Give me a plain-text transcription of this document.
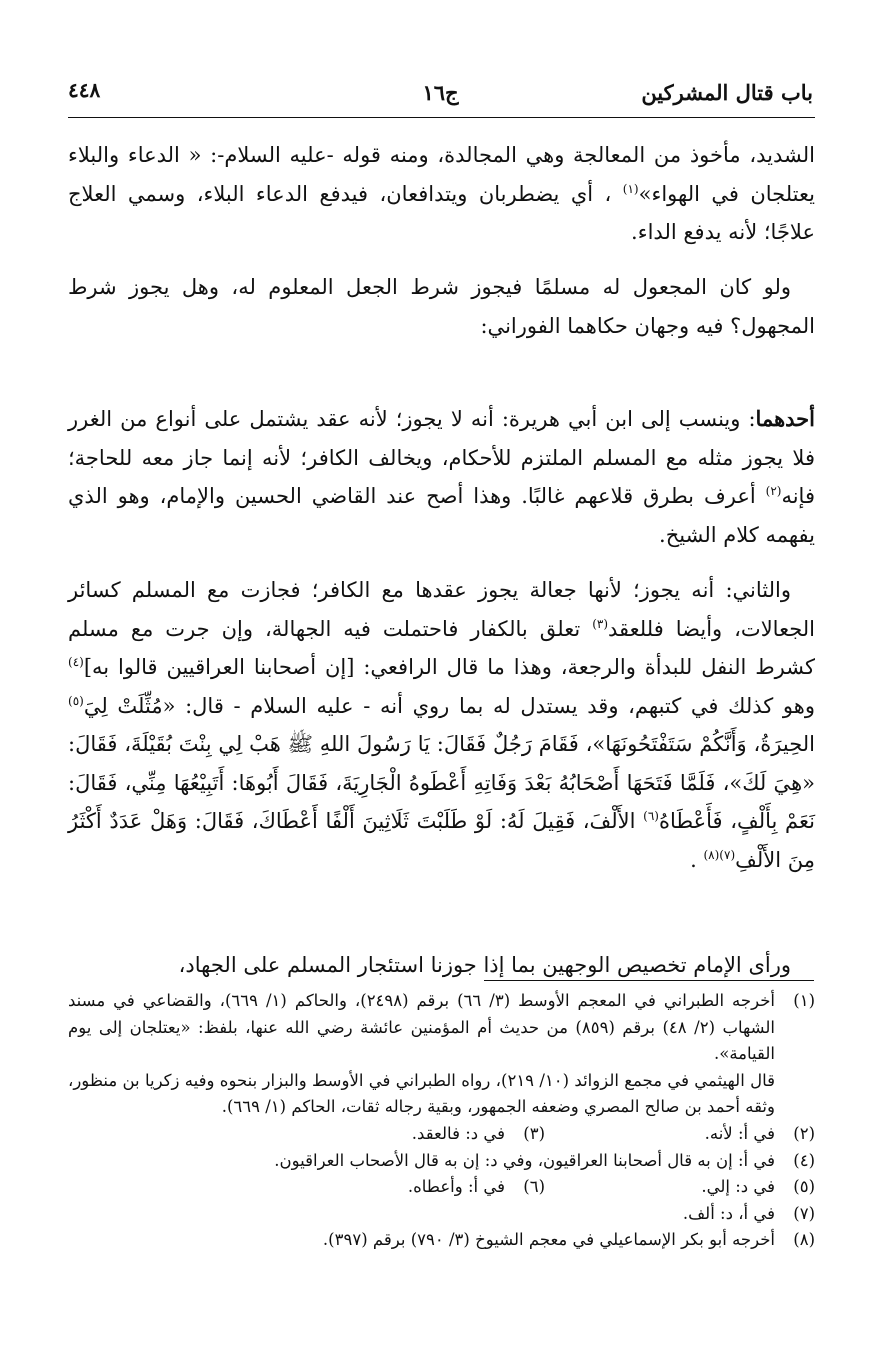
باب قتال المشركين
ج١٦
٤٤٨
الشديد، مأخوذ من المعالجة وهي المجالدة، ومنه قوله -عليه السلام-: « الدعاء والبلاء يعتلجان في الهواء»$^{(١)}$ ، أي يضطربان ويتدافعان، فيدفع الدعاء البلاء، وسمي العلاج علاجًا؛ لأنه يدفع الداء.
ولو كان المجعول له مسلمًا فيجوز شرط الجعل المعلوم له، وهل يجوز شرط المجهول؟ فيه وجهان حكاهما الفوراني:
أحدهما: وينسب إلى ابن أبي هريرة: أنه لا يجوز؛ لأنه عقد يشتمل على أنواع من الغرر فلا يجوز مثله مع المسلم الملتزم للأحكام، ويخالف الكافر؛ لأنه إنما جاز معه للحاجة؛ فإنه$^{(٢)}$ أعرف بطرق قلاعهم غالبًا. وهذا أصح عند القاضي الحسين والإمام، وهو الذي يفهمه كلام الشيخ.
والثاني: أنه يجوز؛ لأنها جعالة يجوز عقدها مع الكافر؛ فجازت مع المسلم كسائر الجعالات، وأيضا فللعقد$^{(٣)}$ تعلق بالكفار فاحتملت فيه الجهالة، وإن جرت مع مسلم كشرط النفل للبدأة والرجعة، وهذا ما قال الرافعي: [إن أصحابنا العراقيين قالوا به]$^{(٤)}$ وهو كذلك في كتبهم، وقد يستدل له بما روي أنه - عليه السلام - قال: «مُثِّلَتْ لِيَ$^{(٥)}$ الحِيرَةُ، وَأَنَّكُمْ سَتَفْتَحُونَهَا»، فَقَامَ رَجُلٌ فَقَالَ: يَا رَسُولَ اللهِ ﷺ هَبْ لِي بِنْتَ بُقَيْلَةَ، فَقَالَ: «هِيَ لَكَ»، فَلَمَّا فَتَحَهَا أَصْحَابُهُ بَعْدَ وَفَاتِهِ أَعْطَوهُ الْجَارِيَةَ، فَقَالَ أَبُوهَا: أَتَبِيْعُهَا مِنِّي، فَقَالَ: نَعَمْ بِأَلْفٍ، فَأَعْطَاهُ$^{(٦)}$ الأَلْفَ، فَقِيلَ لَهُ: لَوْ طَلَبْتَ ثَلَاثِينَ أَلْفًا أَعْطَاكَ، فَقَالَ: وَهَلْ عَدَدٌ أَكْثَرُ مِنَ الأَلْفِ$^{(٧)(٨)}$ .
ورأى الإمام تخصيص الوجهين بما إذا جوزنا استئجار المسلم على الجهاد،
(١)
أخرجه الطبراني في المعجم الأوسط (٣/ ٦٦) برقم (٢٤٩٨)، والحاكم (١/ ٦٦٩)، والقضاعي في مسند الشهاب (٢/ ٤٨) برقم (٨٥٩) من حديث أم المؤمنين عائشة رضي الله عنها، بلفظ: «يعتلجان إلى يوم القيامة».
قال الهيثمي في مجمع الزوائد (١٠/ ٢١٩)، رواه الطبراني في الأوسط والبزار بنحوه وفيه زكريا بن منظور، وثقه أحمد بن صالح المصري وضعفه الجمهور، وبقية رجاله ثقات، الحاكم (١/ ٦٦٩).
(٢)
في أ: لأنه.
(٣)
في د: فالعقد.
(٤)
في أ: إن به قال أصحابنا العراقيون، وفي د: إن به قال الأصحاب العراقيون.
(٥)
في د: إلي.
(٦)
في أ: وأعطاه.
(٧)
في أ، د: ألف.
(٨)
أخرجه أبو بكر الإسماعيلي في معجم الشيوخ (٣/ ٧٩٠) برقم (٣٩٧).
